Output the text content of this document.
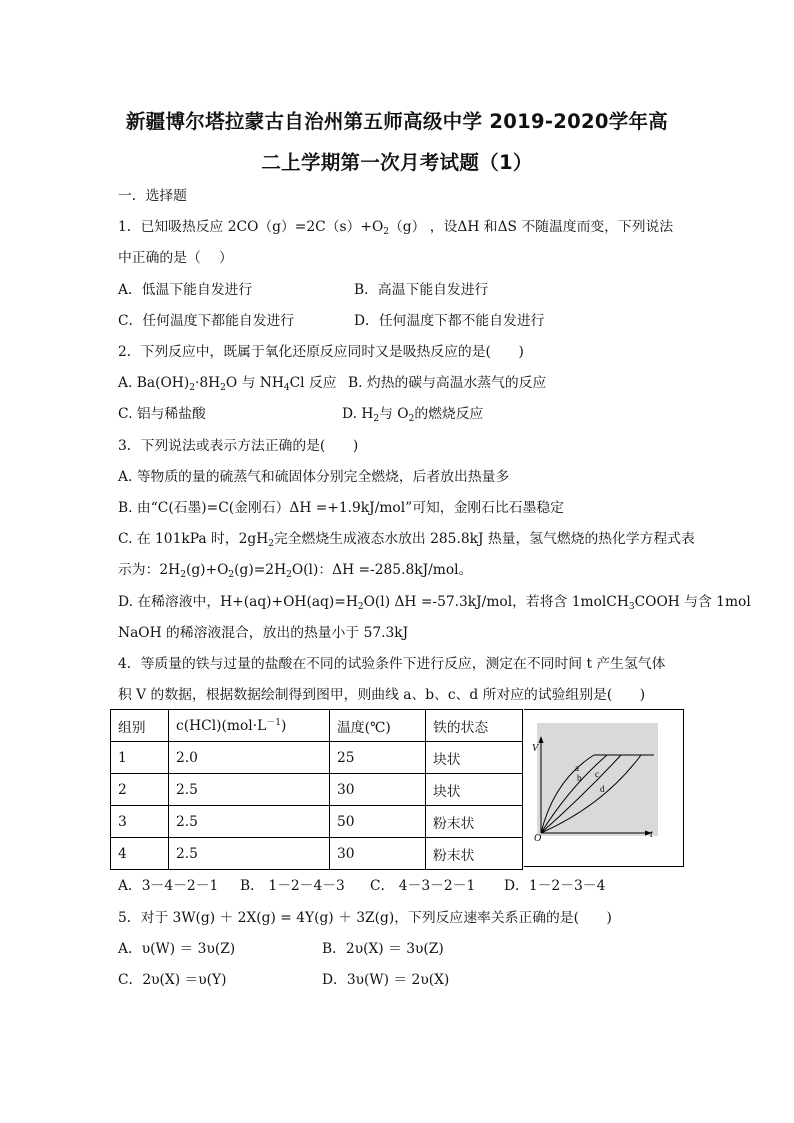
新疆博尔塔拉蒙古自治州第五师高级中学 2019-2020学年高
二上学期第一次月考试题（1）
一．选择题
1．已知吸热反应 $2CO(g)=2C(s)+O_2(g)$ ，设ΔH 和ΔS 不随温度而变，下列说法
中正确的是（　 ）
A．低温下能自发进行	B．高温下能自发进行
C．任何温度下都能自发进行	D．任何温度下都不能自发进行
2．下列反应中，既属于氧化还原反应同时又是吸热反应的是(　　)
A. $Ba(OH)_2\cdot 8H_2O$ 与 $NH_4Cl$ 反应 B. 灼热的碳与高温水蒸气的反应
C. 铝与稀盐酸	D. $H_2$与 $O_2$的燃烧反应
3．下列说法或表示方法正确的是(　　)
A. 等物质的量的硫蒸气和硫固体分别完全燃烧，后者放出热量多
B. 由“C(石墨)=C(金刚石）ΔH =+1.9kJ/mol”可知，金刚石比石墨稳定
C. 在 101kPa 时，$2gH_2$完全燃烧生成液态水放出 285.8kJ 热量，氢气燃烧的热化学方程式表
示为：$2H_2(g)+O_2(g)=2H_2O(l)$：ΔH =-285.8kJ/mol。
D. 在稀溶液中，$H+(aq)+OH(aq)=H_2O(l)$ ΔH =-57.3kJ/mol，若将含 1molCH$_3$COOH 与含 1mol
NaOH 的稀溶液混合，放出的热量小于 57.3kJ
4．等质量的铁与过量的盐酸在不同的试验条件下进行反应，测定在不同时间 t 产生氢气体
积 V 的数据，根据数据绘制得到图甲，则曲线 a、b、c、d 所对应的试验组别是(　　)
组别	$c(HCl)(mol\cdot L^{-1})$	温度(℃)	铁的状态
1	2.0	25	块状
2	2.5	30	块状
3	2.5	50	粉末状
4	2.5	30	粉末状
V
t
O
a
b c
d
A．3－4－2－1 B． 1－2－4－3 C． 4－3－2－1 D．1－2－3－4
5．对于 3W(g) ＋ 2X(g) = 4Y(g) ＋ 3Z(g)，下列反应速率关系正确的是(　　)
A．υ(W) ＝ 3υ(Z)	B．2υ(X) ＝ 3υ(Z)
C．2υ(X) ＝υ(Y)	D．3υ(W) ＝ 2υ(X)
